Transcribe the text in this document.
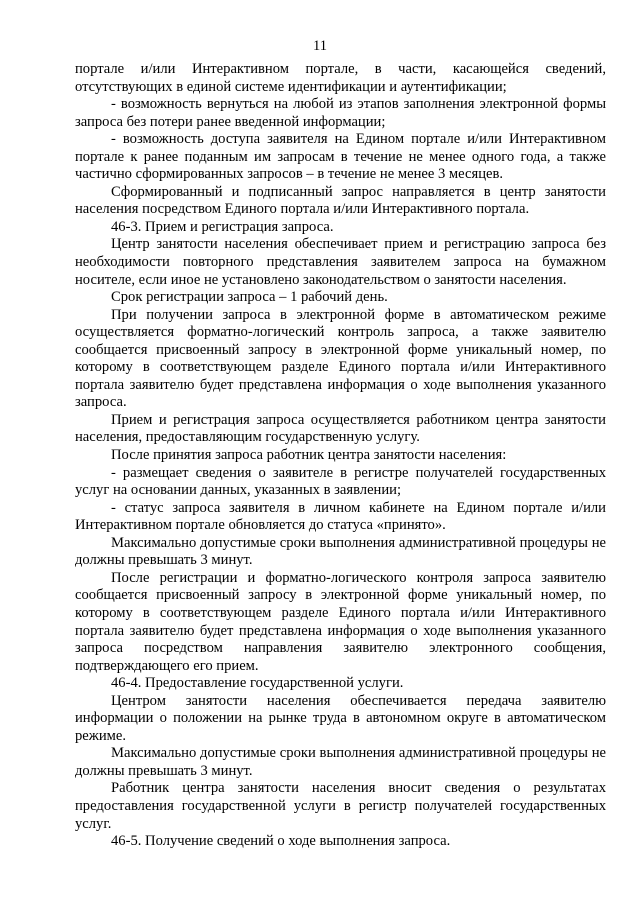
11

порталe и/или Интерактивном портале, в части, касающейся сведений, отсутствующих в единой системе идентификации и аутентификации;

- возможность вернуться на любой из этапов заполнения электронной формы запроса без потери ранее введенной информации;

- возможность доступа заявителя на Едином портале и/или Интерактивном портале к ранее поданным им запросам в течение не менее одного года, а также частично сформированных запросов – в течение не менее 3 месяцев.

Сформированный и подписанный запрос направляется в центр занятости населения посредством Единого портала и/или Интерактивного портала.

46-3. Прием и регистрация запроса.

Центр занятости населения обеспечивает прием и регистрацию запроса без необходимости повторного представления заявителем запроса на бумажном носителе, если иное не установлено законодательством о занятости населения.

Срок регистрации запроса – 1 рабочий день.

При получении запроса в электронной форме в автоматическом режиме осуществляется форматно-логический контроль запроса, а также заявителю сообщается присвоенный запросу в электронной форме уникальный номер, по которому в соответствующем разделе Единого портала и/или Интерактивного портала заявителю будет представлена информация о ходе выполнения указанного запроса.

Прием и регистрация запроса осуществляется работником центра занятости населения, предоставляющим государственную услугу.

После принятия запроса работник центра занятости населения:

- размещает сведения о заявителе в регистре получателей государственных услуг на основании данных, указанных в заявлении;

- статус запроса заявителя в личном кабинете на Едином портале и/или Интерактивном портале обновляется до статуса «принято».

Максимально допустимые сроки выполнения административной процедуры не должны превышать 3 минут.

После регистрации и форматно-логического контроля запроса заявителю сообщается присвоенный запросу в электронной форме уникальный номер, по которому в соответствующем разделе Единого портала и/или Интерактивного портала заявителю будет представлена информация о ходе выполнения указанного запроса посредством направления заявителю электронного сообщения, подтверждающего его прием.

46-4. Предоставление государственной услуги.

Центром занятости населения обеспечивается передача заявителю информации о положении на рынке труда в автономном округе в автоматическом режиме.

Максимально допустимые сроки выполнения административной процедуры не должны превышать 3 минут.

Работник центра занятости населения вносит сведения о результатах предоставления государственной услуги в регистр получателей государственных услуг.

46-5. Получение сведений о ходе выполнения запроса.
